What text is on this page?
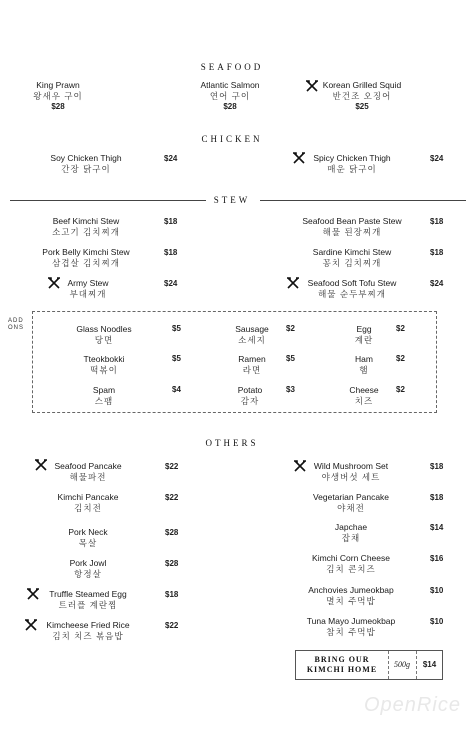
SEAFOOD
King Prawn
왕새우 구이
$28
Atlantic Salmon
연어 구이
$28
Korean Grilled Squid
반건조 오징어
$25
CHICKEN
Soy Chicken Thigh
간장 닭구이
$24	Spicy Chicken Thigh
매운 닭구이
$24
STEW
Beef Kimchi Stew
소고기 김치찌개
$18	Seafood Bean Paste Stew
해물 된장찌개
$18
Pork Belly Kimchi Stew
삼겹살 김치찌개
$18	Sardine Kimchi Stew
꽁치 김치찌개
$18
Army Stew
부대찌개
$24	Seafood Soft Tofu Stew
해물 순두부찌개
$24
ADD ONS	Glass Noodles
당면
$5	Sausage
소세지
$2	Egg
계란
$2
Tteokbokki
떡볶이
$5	Ramen
라면
$5	Ham
햄
$2
Spam
스팸
$4	Potato
감자
$3	Cheese
치즈
$2
OTHERS
Seafood Pancake
해물파전
$22
Kimchi Pancake
김치전
$22
Pork Neck
목살
$28
Pork Jowl
항정살
$28
Truffle Steamed Egg
트러플 계란찜
$18
Kimcheese Fried Rice
김치 치즈 볶음밥
$22
Wild Mushroom Set
야생버섯 세트
$18
Vegetarian Pancake
야채전
$18
Japchae
잡채
$14
Kimchi Corn Cheese
김치 콘치즈
$16
Anchovies Jumeokbap
멸치 주먹밥
$10
Tuna Mayo Jumeokbap
참치 주먹밥
$10
BRING OUR
KIMCHI HOME
500g	$14
OpenRice
